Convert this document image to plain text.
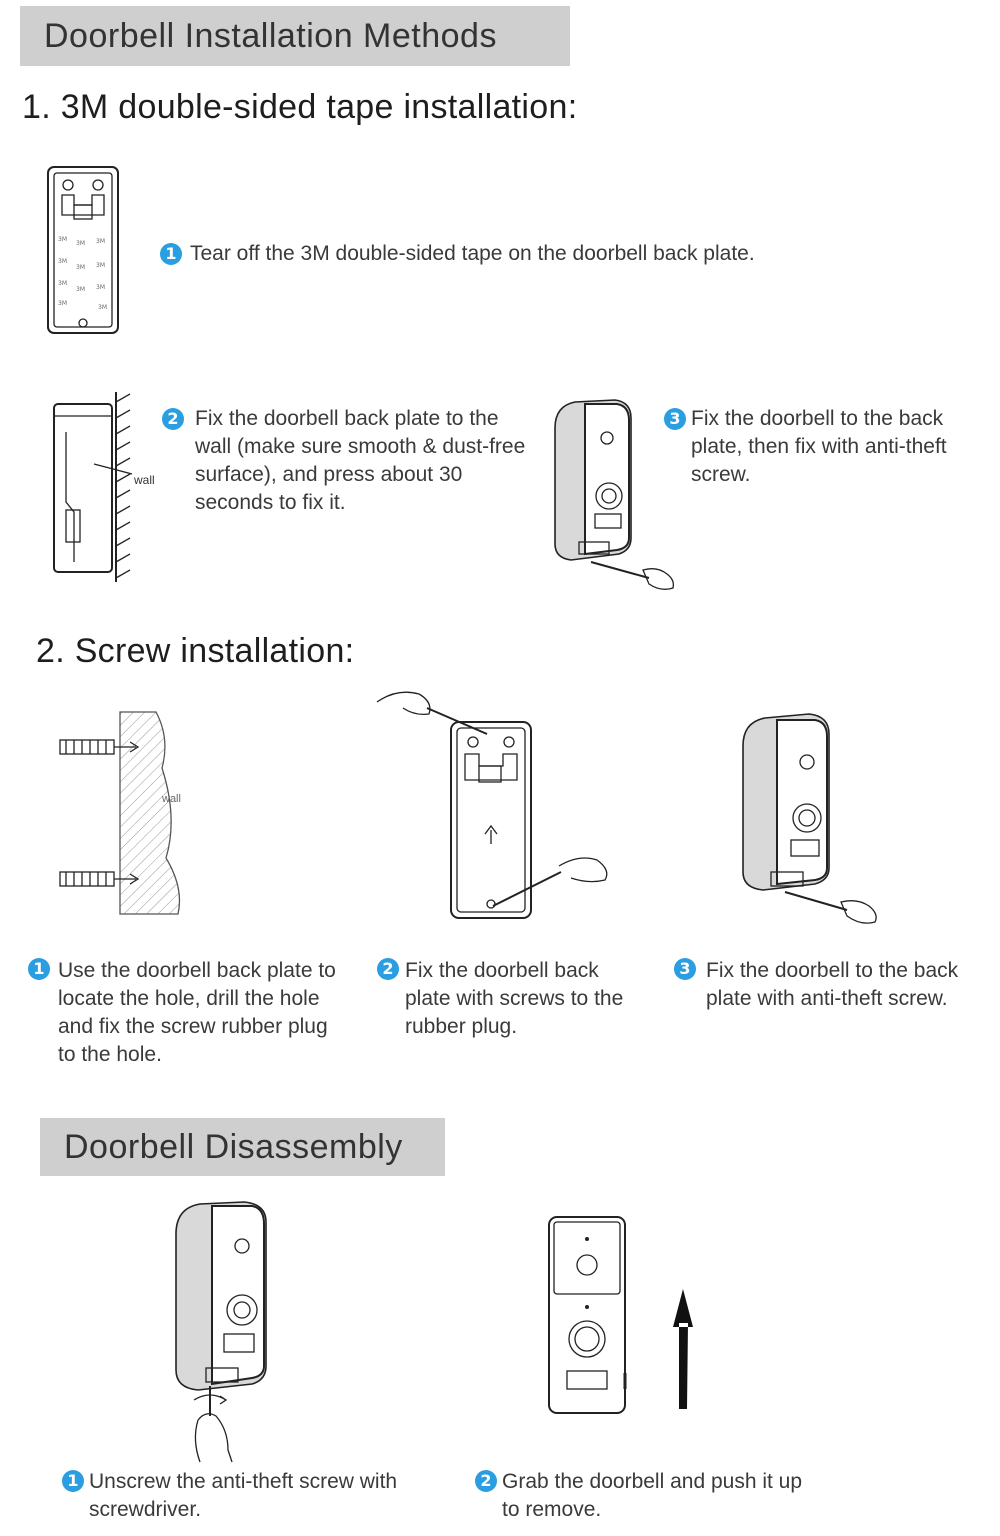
Doorbell Installation Methods
1. 3M double-sided tape installation:
3M
3M 3M
3M
3M 3M
3M
3M 3M
3M
3M
1 Tear off the 3M double-sided tape on the doorbell back plate.
wall
2 Fix the doorbell back plate to the wall (make sure smooth & dust-free surface), and press about 30 seconds to fix it.
3 Fix the doorbell to the back plate, then fix with anti-theft screw.
2. Screw installation:
wall
1 Use the doorbell back plate to locate the hole, drill the hole and fix the screw rubber plug to the hole.
2 Fix the doorbell back plate with screws to the rubber plug.
3 Fix the doorbell to the back plate with anti-theft screw.
Doorbell Disassembly
1 Unscrew the anti-theft screw with screwdriver.
2 Grab the doorbell and push it up to remove.
